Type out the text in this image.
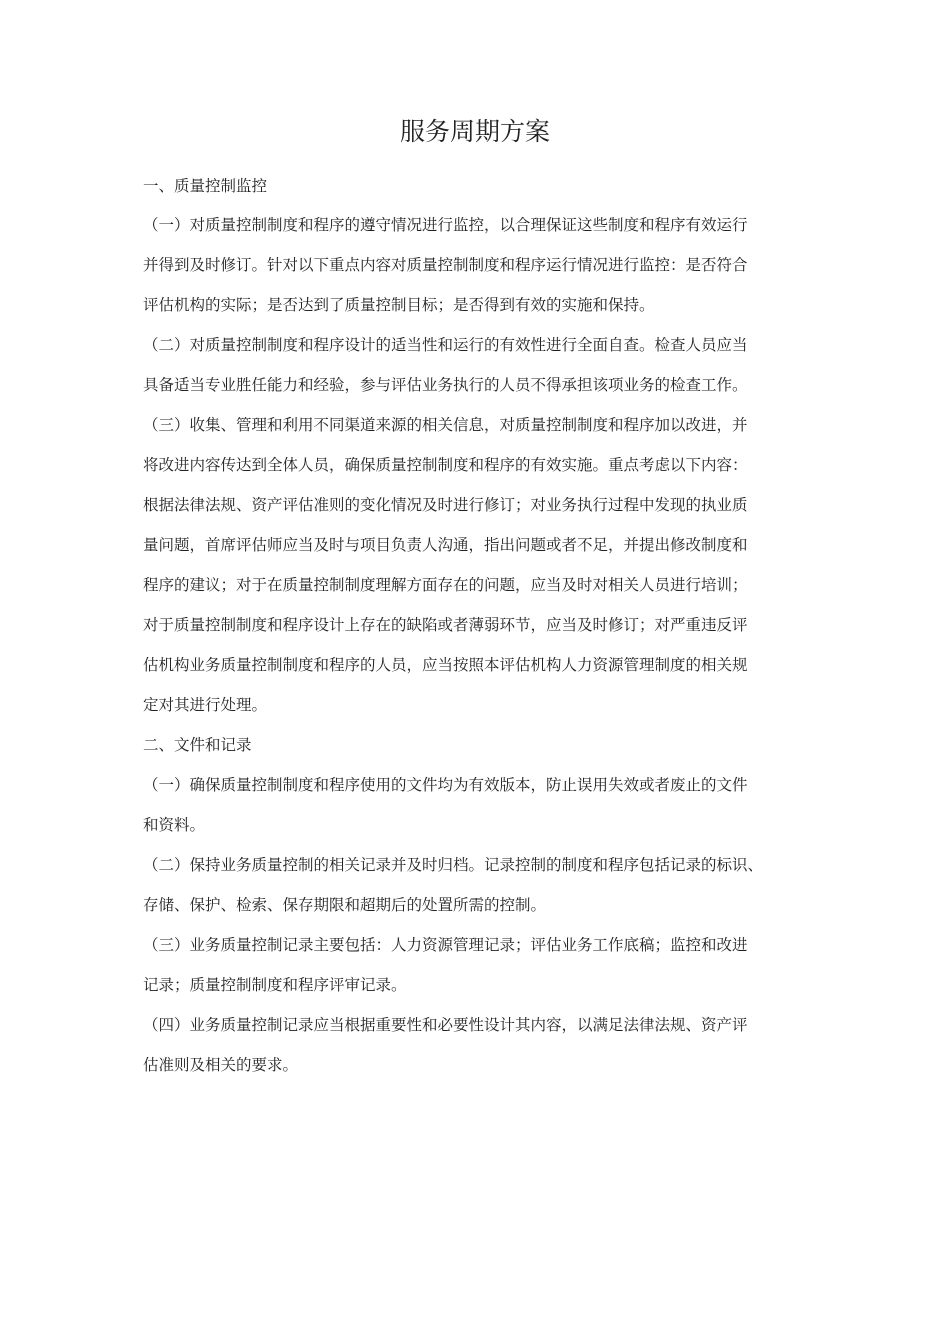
服务周期方案
一、质量控制监控
（一）对质量控制制度和程序的遵守情况进行监控，以合理保证这些制度和程序有效运行
并得到及时修订。针对以下重点内容对质量控制制度和程序运行情况进行监控：是否符合
评估机构的实际；是否达到了质量控制目标；是否得到有效的实施和保持。
（二）对质量控制制度和程序设计的适当性和运行的有效性进行全面自查。检查人员应当
具备适当专业胜任能力和经验，参与评估业务执行的人员不得承担该项业务的检查工作。
（三）收集、管理和利用不同渠道来源的相关信息，对质量控制制度和程序加以改进，并
将改进内容传达到全体人员，确保质量控制制度和程序的有效实施。重点考虑以下内容：
根据法律法规、资产评估准则的变化情况及时进行修订；对业务执行过程中发现的执业质
量问题，首席评估师应当及时与项目负责人沟通，指出问题或者不足，并提出修改制度和
程序的建议；对于在质量控制制度理解方面存在的问题，应当及时对相关人员进行培训；
对于质量控制制度和程序设计上存在的缺陷或者薄弱环节，应当及时修订；对严重违反评
估机构业务质量控制制度和程序的人员，应当按照本评估机构人力资源管理制度的相关规
定对其进行处理。
二、文件和记录
（一）确保质量控制制度和程序使用的文件均为有效版本，防止误用失效或者废止的文件
和资料。
（二）保持业务质量控制的相关记录并及时归档。记录控制的制度和程序包括记录的标识、
存储、保护、检索、保存期限和超期后的处置所需的控制。
（三）业务质量控制记录主要包括：人力资源管理记录；评估业务工作底稿；监控和改进
记录；质量控制制度和程序评审记录。
（四）业务质量控制记录应当根据重要性和必要性设计其内容，以满足法律法规、资产评
估准则及相关的要求。
